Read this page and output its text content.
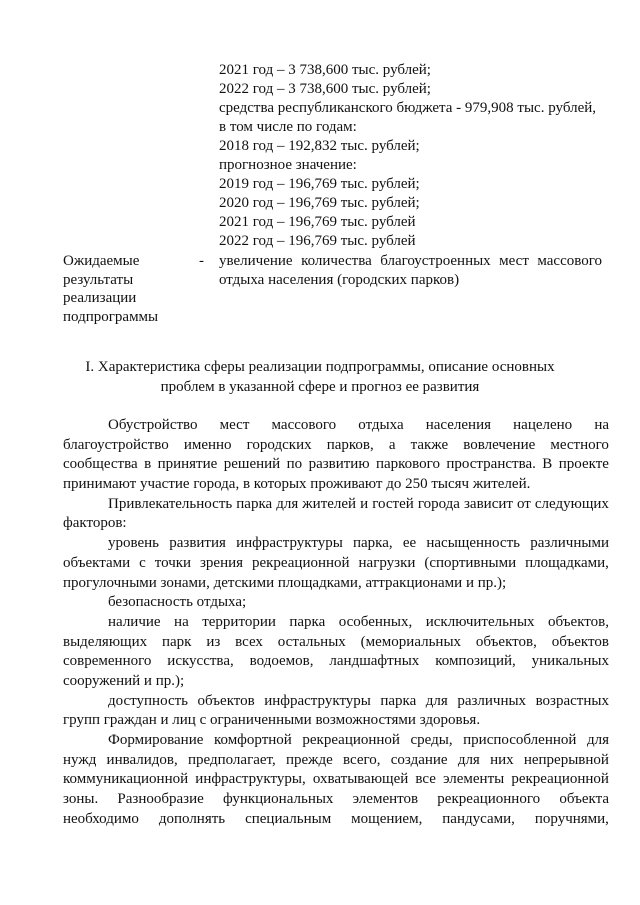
2021 год – 3 738,600 тыс. рублей;
2022 год – 3 738,600 тыс. рублей;
средства республиканского бюджета - 979,908 тыс. рублей,
в том числе по годам:
2018 год – 192,832 тыс. рублей;
прогнозное значение:
2019 год – 196,769 тыс. рублей;
2020 год – 196,769 тыс. рублей;
2021 год – 196,769 тыс. рублей
2022 год – 196,769 тыс. рублей
Ожидаемые
результаты
реализации
подпрограммы
- увеличение количества благоустроенных мест массового
отдыха населения (городских парков)
I. Характеристика сферы реализации подпрограммы, описание основных
проблем в указанной сфере и прогноз ее развития
Обустройство мест массового отдыха населения нацелено на
благоустройство именно городских парков, а также вовлечение местного
сообщества в принятие решений по развитию паркового пространства. В проекте
принимают участие города, в которых проживают до 250 тысяч жителей.
Привлекательность парка для жителей и гостей города зависит от следующих
факторов:
уровень развития инфраструктуры парка, ее насыщенность различными
объектами с точки зрения рекреационной нагрузки (спортивными площадками,
прогулочными зонами, детскими площадками, аттракционами и пр.);
безопасность отдыха;
наличие на территории парка особенных, исключительных объектов,
выделяющих парк из всех остальных (мемориальных объектов, объектов
современного искусства, водоемов, ландшафтных композиций, уникальных
сооружений и пр.);
доступность объектов инфраструктуры парка для различных возрастных
групп граждан и лиц с ограниченными возможностями здоровья.
Формирование комфортной рекреационной среды, приспособленной для
нужд инвалидов, предполагает, прежде всего, создание для них непрерывной
коммуникационной инфраструктуры, охватывающей все элементы рекреационной
зоны. Разнообразие функциональных элементов рекреационного объекта
необходимо дополнять специальным мощением, пандусами, поручнями,
